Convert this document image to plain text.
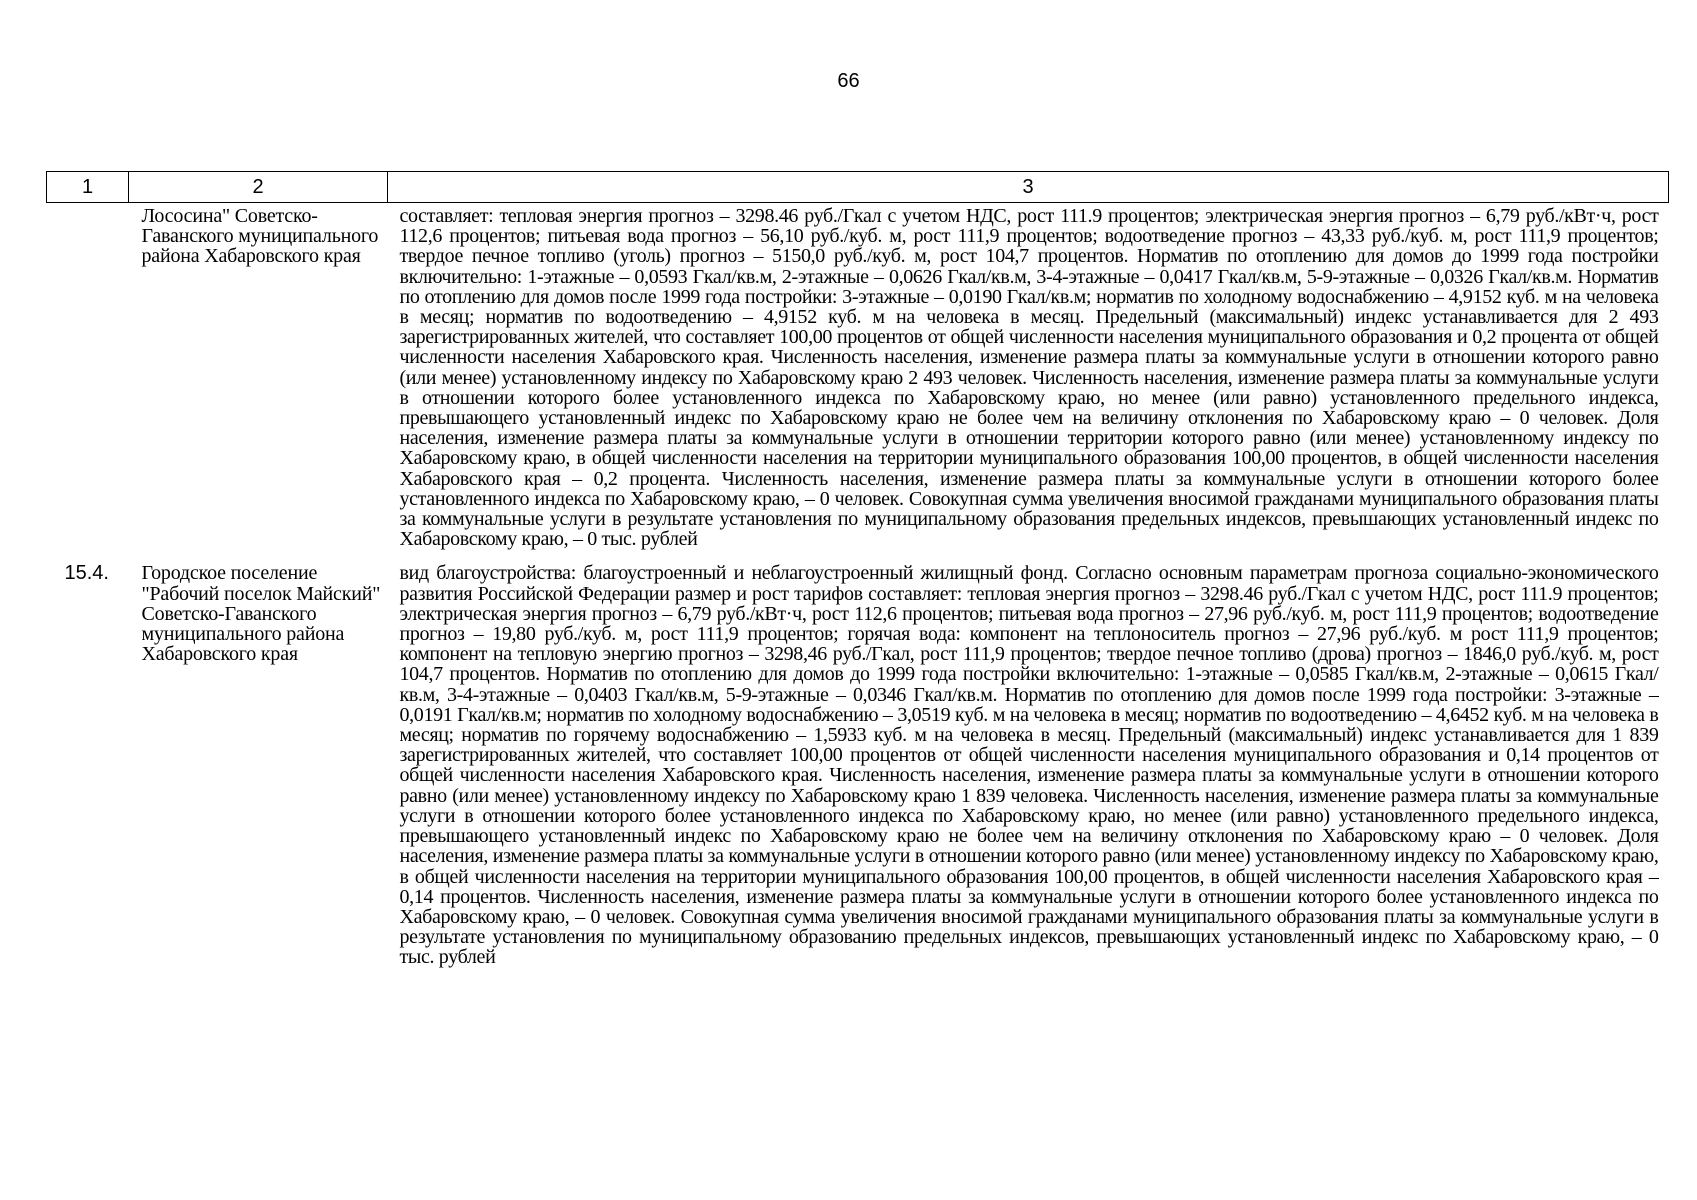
66
1	2	3
	Лососина" Советско-Гаванского муниципального района Хабаровского края	составляет: тепловая энергия прогноз – 3298.46 руб./Гкал с учетом НДС, рост 111.9 процентов; электрическая энергия прогноз – 6,79 руб./кВт·ч, рост 112,6 процентов; питьевая вода прогноз – 56,10 руб./куб. м, рост 111,9 процентов; водоотведение прогноз – 43,33 руб./куб. м, рост 111,9 процентов; твердое печное топливо (уголь) прогноз – 5150,0 руб./куб. м, рост 104,7 процентов. Норматив по отоплению для домов до 1999 года постройки включительно: 1-этажные – 0,0593 Гкал/кв.м, 2-этажные – 0,0626 Гкал/кв.м, 3-4-этажные – 0,0417 Гкал/кв.м, 5-9-этажные – 0,0326 Гкал/кв.м. Норматив по отоплению для домов после 1999 года постройки: 3-этажные – 0,0190 Гкал/кв.м; норматив по холодному водоснабжению – 4,9152 куб. м на человека в месяц; норматив по водоотведению – 4,9152 куб. м на человека в месяц. Предельный (максимальный) индекс устанавливается для 2 493 зарегистрированных жителей, что составляет 100,00 процентов от общей численности населения муниципального образования и 0,2 процента от общей численности населения Хабаровского края. Численность населения, изменение размера платы за коммунальные услуги в отношении которого равно (или менее) установленному индексу по Хабаровскому краю 2 493 человек. Численность населения, изменение размера платы за коммунальные услуги в отношении которого более установленного индекса по Хабаровскому краю, но менее (или равно) установленного предельного индекса, превышающего установленный индекс по Хабаровскому краю не более чем на величину отклонения по Хабаровскому краю – 0 человек. Доля населения, изменение размера платы за коммунальные услуги в отношении территории которого равно (или менее) установленному индексу по Хабаровскому краю, в общей численности населения на территории муниципального образования 100,00 процентов, в общей численности населения Хабаровского края – 0,2 процента. Численность населения, изменение размера платы за коммунальные услуги в отношении которого более установленного индекса по Хабаровскому краю, – 0 человек. Совокупная сумма увеличения вносимой гражданами муниципального образования платы за коммунальные услуги в результате установления по муниципальному образования предельных индексов, превышающих установленный индекс по Хабаровскому краю, – 0 тыс. рублей
15.4.	Городское поселение "Рабочий поселок Майский" Советско-Гаванского муниципального района Хабаровского края	вид благоустройства: благоустроенный и неблагоустроенный жилищный фонд. Согласно основным параметрам прогноза социально-экономического развития Российской Федерации размер и рост тарифов составляет: тепловая энергия прогноз – 3298.46 руб./Гкал с учетом НДС, рост 111.9 процентов; электрическая энергия прогноз – 6,79 руб./кВт·ч, рост 112,6 процентов; питьевая вода прогноз – 27,96 руб./куб. м, рост 111,9 процентов; водоотведение прогноз – 19,80 руб./куб. м, рост 111,9 процентов; горячая вода: компонент на теплоноситель прогноз – 27,96 руб./куб. м рост 111,9 процентов; компонент на тепловую энергию прогноз – 3298,46 руб./Гкал, рост 111,9 процентов; твердое печное топливо (дрова) прогноз – 1846,0 руб./куб. м, рост 104,7 процентов. Норматив по отоплению для домов до 1999 года постройки включительно: 1-этажные – 0,0585 Гкал/кв.м, 2-этажные – 0,0615 Гкал/кв.м, 3-4-этажные – 0,0403 Гкал/кв.м, 5-9-этажные – 0,0346 Гкал/кв.м. Норматив по отоплению для домов после 1999 года постройки: 3-этажные – 0,0191 Гкал/кв.м; норматив по холодному водоснабжению – 3,0519 куб. м на человека в месяц; норматив по водоотведению – 4,6452 куб. м на человека в месяц; норматив по горячему водоснабжению – 1,5933 куб. м на человека в месяц. Предельный (максимальный) индекс устанавливается для 1 839 зарегистрированных жителей, что составляет 100,00 процентов от общей численности населения муниципального образования и 0,14 процентов от общей численности населения Хабаровского края. Численность населения, изменение размера платы за коммунальные услуги в отношении которого равно (или менее) установленному индексу по Хабаровскому краю 1 839 человека. Численность населения, изменение размера платы за коммунальные услуги в отношении которого более установленного индекса по Хабаровскому краю, но менее (или равно) установленного предельного индекса, превышающего установленный индекс по Хабаровскому краю не более чем на величину отклонения по Хабаровскому краю – 0 человек. Доля населения, изменение размера платы за коммунальные услуги в отношении которого равно (или менее) установленному индексу по Хабаровскому краю, в общей численности населения на территории муниципального образования 100,00 процентов, в общей численности населения Хабаровского края – 0,14 процентов. Численность населения, изменение размера платы за коммунальные услуги в отношении которого более установленного индекса по Хабаровскому краю, – 0 человек. Совокупная сумма увеличения вносимой гражданами муниципального образования платы за коммунальные услуги в результате установления по муниципальному образованию предельных индексов, превышающих установленный индекс по Хабаровскому краю, – 0 тыс. рублей
